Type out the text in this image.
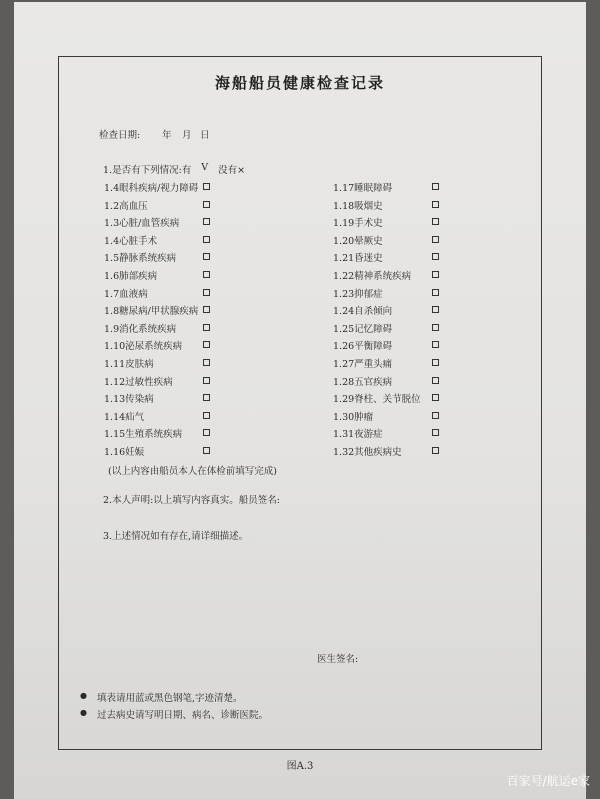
海船船员健康检查记录
检查日期: 年 月 日
1.是否有下列情况:有 V 没有×
1.4眼科疾病/视力障碍
1.2高血压
1.3心脏/血管疾病
1.4心脏手术
1.5静脉系统疾病
1.6肺部疾病
1.7血液病
1.8糖尿病/甲状腺疾病
1.9消化系统疾病
1.10泌尿系统疾病
1.11皮肤病
1.12过敏性疾病
1.13传染病
1.14疝气
1.15生殖系统疾病
1.16妊娠
1.17睡眠障碍
1.18吸烟史
1.19手术史
1.20晕厥史
1.21昏迷史
1.22精神系统疾病
1.23抑郁症
1.24自杀倾向
1.25记忆障碍
1.26平衡障碍
1.27严重头痛
1.28五官疾病
1.29脊柱、关节脱位
1.30肿瘤
1.31夜游症
1.32其他疾病史
(以上内容由船员本人在体检前填写完成)
2.本人声明:以上填写内容真实。船员签名:
3.上述情况如有存在,请详细描述。
医生签名:
● 填表请用蓝或黑色钢笔,字迹清楚。
● 过去病史请写明日期、病名、诊断医院。
图A.3
百家号/航运e家
